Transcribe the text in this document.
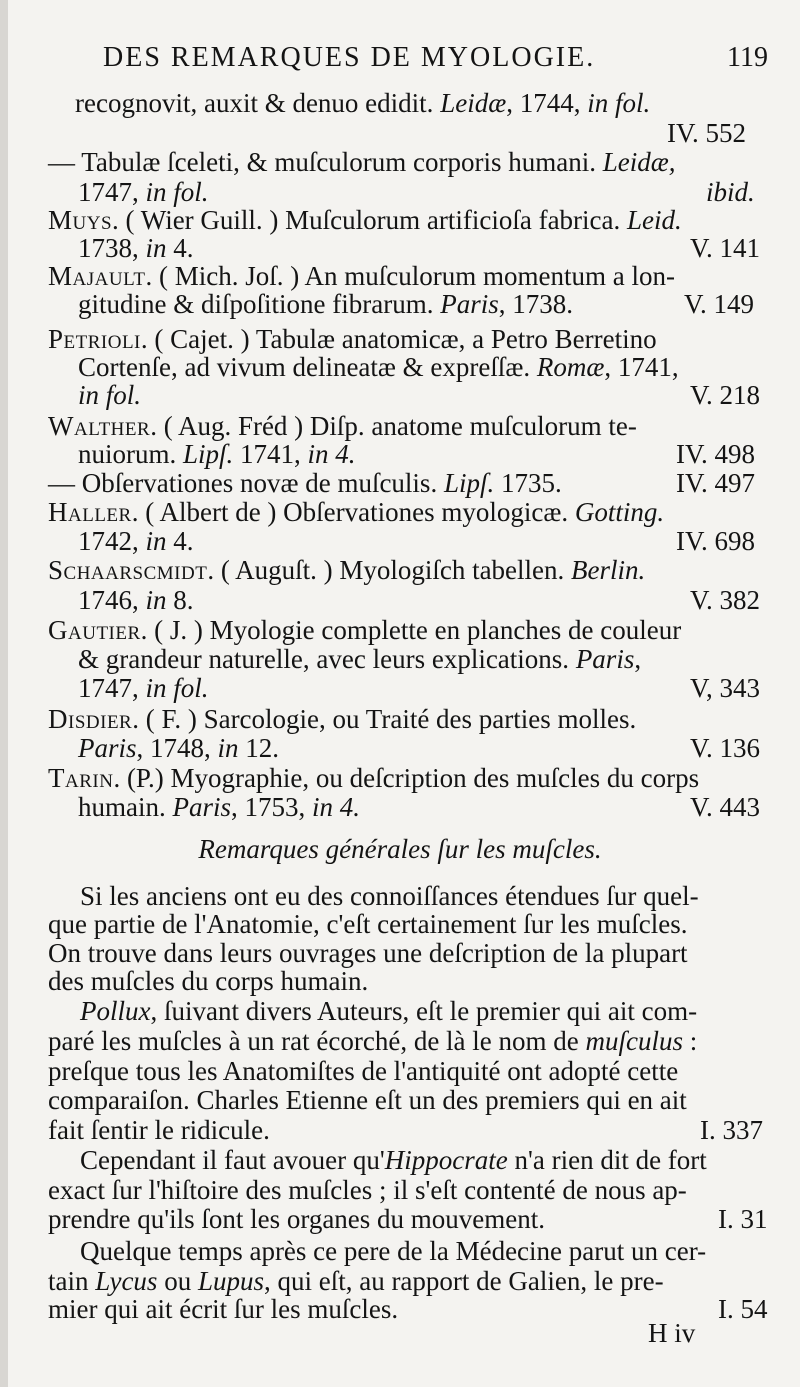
DES REMARQUES DE MYOLOGIE.	119
recognovit, auxit & denuo edidit. Leidæ, 1744, in fol.
IV. 552
— Tabulæ ſceleti, & muſculorum corporis humani. Leidæ,
1747, in fol.	ibid.
Muys. ( Wier Guill. ) Muſculorum artificioſa fabrica. Leid.
1738, in 4.	V. 141
Majault. ( Mich. Joſ. ) An muſculorum momentum a lon-
gitudine & diſpoſitione fibrarum. Paris, 1738.	V. 149
Petrioli. ( Cajet. ) Tabulæ anatomicæ, a Petro Berretino
Cortenſe, ad vivum delineatæ & expreſſæ. Romæ, 1741,
in fol.	V. 218
Walther. ( Aug. Fréd ) Diſp. anatome muſculorum te-
nuiorum. Lipſ. 1741, in 4.	IV. 498
— Obſervationes novæ de muſculis. Lipſ. 1735.	IV. 497
Haller. ( Albert de ) Obſervationes myologicæ. Gotting.
1742, in 4.	IV. 698
Schaarscmidt. ( Auguſt. ) Myologiſch tabellen. Berlin.
1746, in 8.	V. 382
Gautier. ( J. ) Myologie complette en planches de couleur
& grandeur naturelle, avec leurs explications. Paris,
1747, in fol.	V, 343
Disdier. ( F. ) Sarcologie, ou Traité des parties molles.
Paris, 1748, in 12.	V. 136
Tarin. (P.) Myographie, ou deſcription des muſcles du corps
humain. Paris, 1753, in 4.	V. 443
Remarques générales ſur les muſcles.
Si les anciens ont eu des connoiſſances étendues ſur quel-
que partie de l'Anatomie, c'eſt certainement ſur les muſcles.
On trouve dans leurs ouvrages une deſcription de la plupart
des muſcles du corps humain.
Pollux, ſuivant divers Auteurs, eſt le premier qui ait com-
paré les muſcles à un rat écorché, de là le nom de muſculus :
preſque tous les Anatomiſtes de l'antiquité ont adopté cette
comparaiſon. Charles Etienne eſt un des premiers qui en ait
fait ſentir le ridicule.	I. 337
Cependant il faut avouer qu'Hippocrate n'a rien dit de fort
exact ſur l'hiſtoire des muſcles ; il s'eſt contenté de nous ap-
prendre qu'ils ſont les organes du mouvement.	I. 31
Quelque temps après ce pere de la Médecine parut un cer-
tain Lycus ou Lupus, qui eſt, au rapport de Galien, le pre-
mier qui ait écrit ſur les muſcles.	I. 54
H iv
